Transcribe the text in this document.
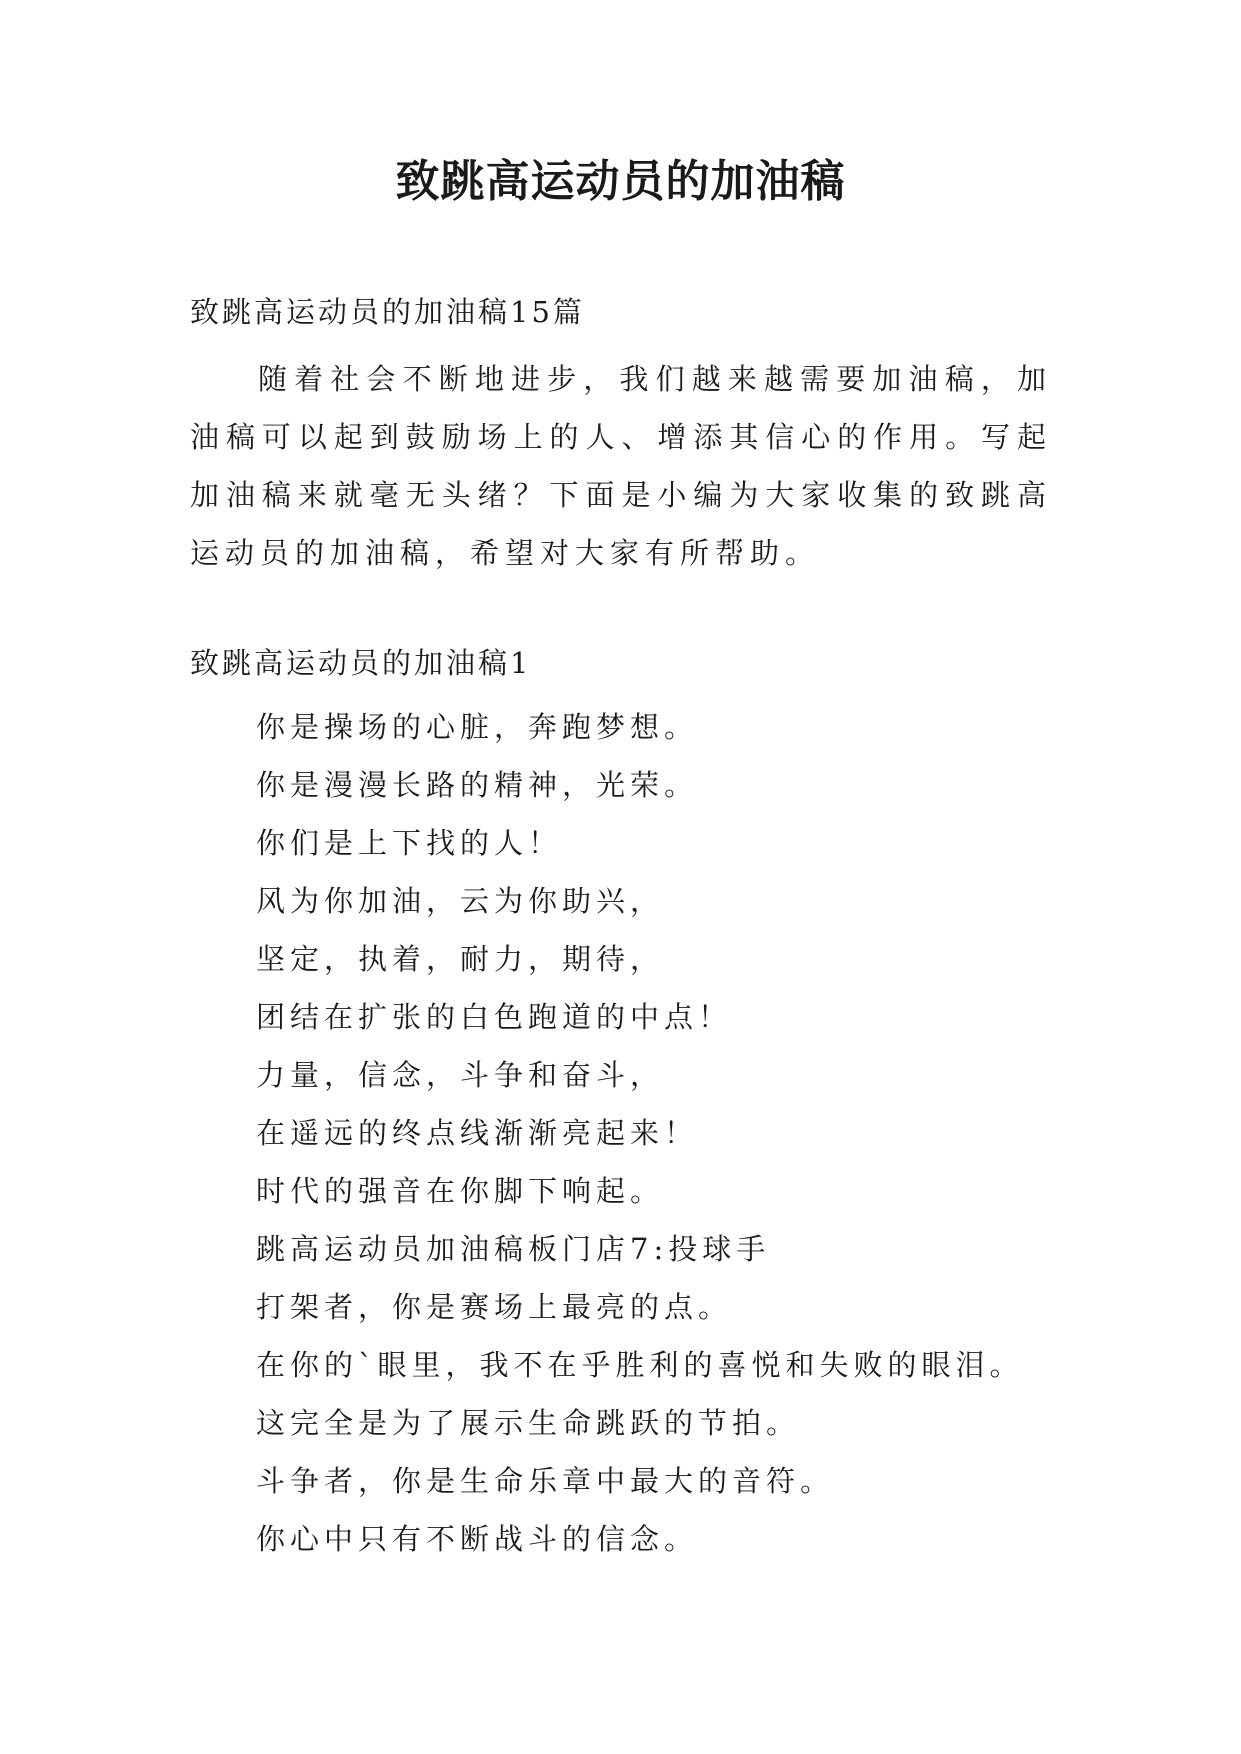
致跳高运动员的加油稿

致跳高运动员的加油稿15篇

随着社会不断地进步，我们越来越需要加油稿，加油稿可以起到鼓励场上的人、增添其信心的作用。写起加油稿来就毫无头绪？下面是小编为大家收集的致跳高运动员的加油稿，希望对大家有所帮助。

致跳高运动员的加油稿1

你是操场的心脏，奔跑梦想。
你是漫漫长路的精神，光荣。
你们是上下找的人！
风为你加油，云为你助兴，
坚定，执着，耐力，期待，
团结在扩张的白色跑道的中点！
力量，信念，斗争和奋斗，
在遥远的终点线渐渐亮起来！
时代的强音在你脚下响起。
跳高运动员加油稿板门店7:投球手
打架者，你是赛场上最亮的点。
在你的`眼里，我不在乎胜利的喜悦和失败的眼泪。
这完全是为了展示生命跳跃的节拍。
斗争者，你是生命乐章中最大的音符。
你心中只有不断战斗的信念。
